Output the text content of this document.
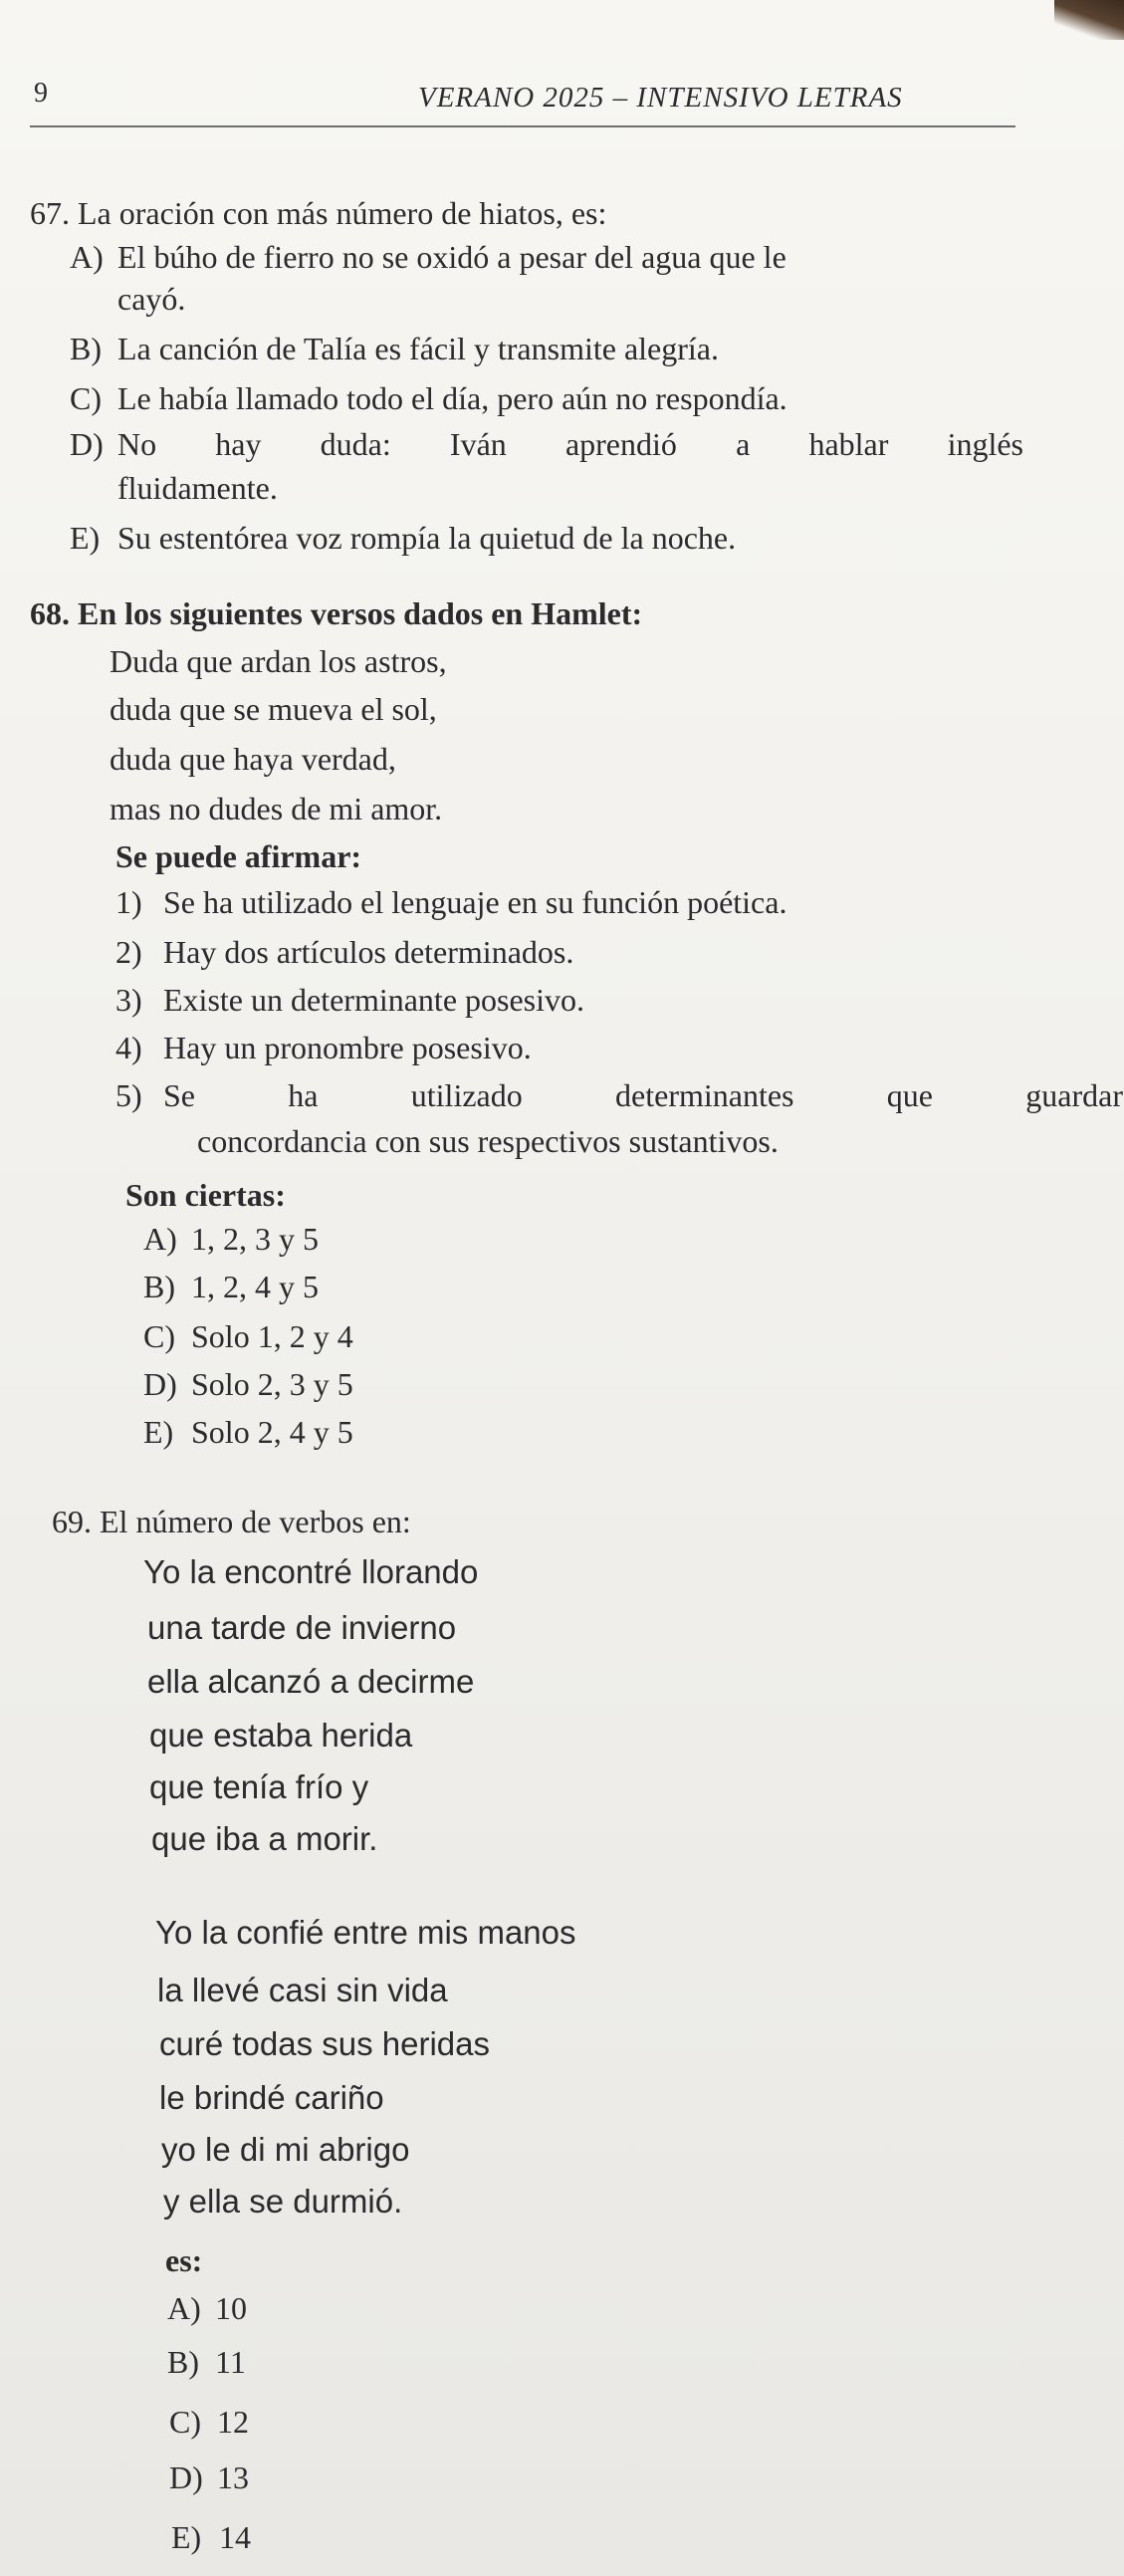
9	VERANO 2025 – INTENSIVO LETRAS
67. La oración con más número de hiatos, es:
A) El búho de fierro no se oxidó a pesar del agua que le
cayó.
B) La canción de Talía es fácil y transmite alegría.
C) Le había llamado todo el día, pero aún no respondía.
D) No hay duda: Iván aprendió a hablar inglés
fluidamente.
E) Su estentórea voz rompía la quietud de la noche.
68. En los siguientes versos dados en Hamlet:
Duda que ardan los astros,
duda que se mueva el sol,
duda que haya verdad,
mas no dudes de mi amor.
Se puede afirmar:
1) Se ha utilizado el lenguaje en su función poética.
2) Hay dos artículos determinados.
3) Existe un determinante posesivo.
4) Hay un pronombre posesivo.
5) Se ha utilizado determinantes que guardar
concordancia con sus respectivos sustantivos.
Son ciertas:
A) 1, 2, 3 y 5
B) 1, 2, 4 y 5
C) Solo 1, 2 y 4
D) Solo 2, 3 y 5
E) Solo 2, 4 y 5
69. El número de verbos en:
Yo la encontré llorando
una tarde de invierno
ella alcanzó a decirme
que estaba herida
que tenía frío y
que iba a morir.
Yo la confié entre mis manos
la llevé casi sin vida
curé todas sus heridas
le brindé cariño
yo le di mi abrigo
y ella se durmió.
es:
A) 10
B) 11
C) 12
D) 13
E) 14
